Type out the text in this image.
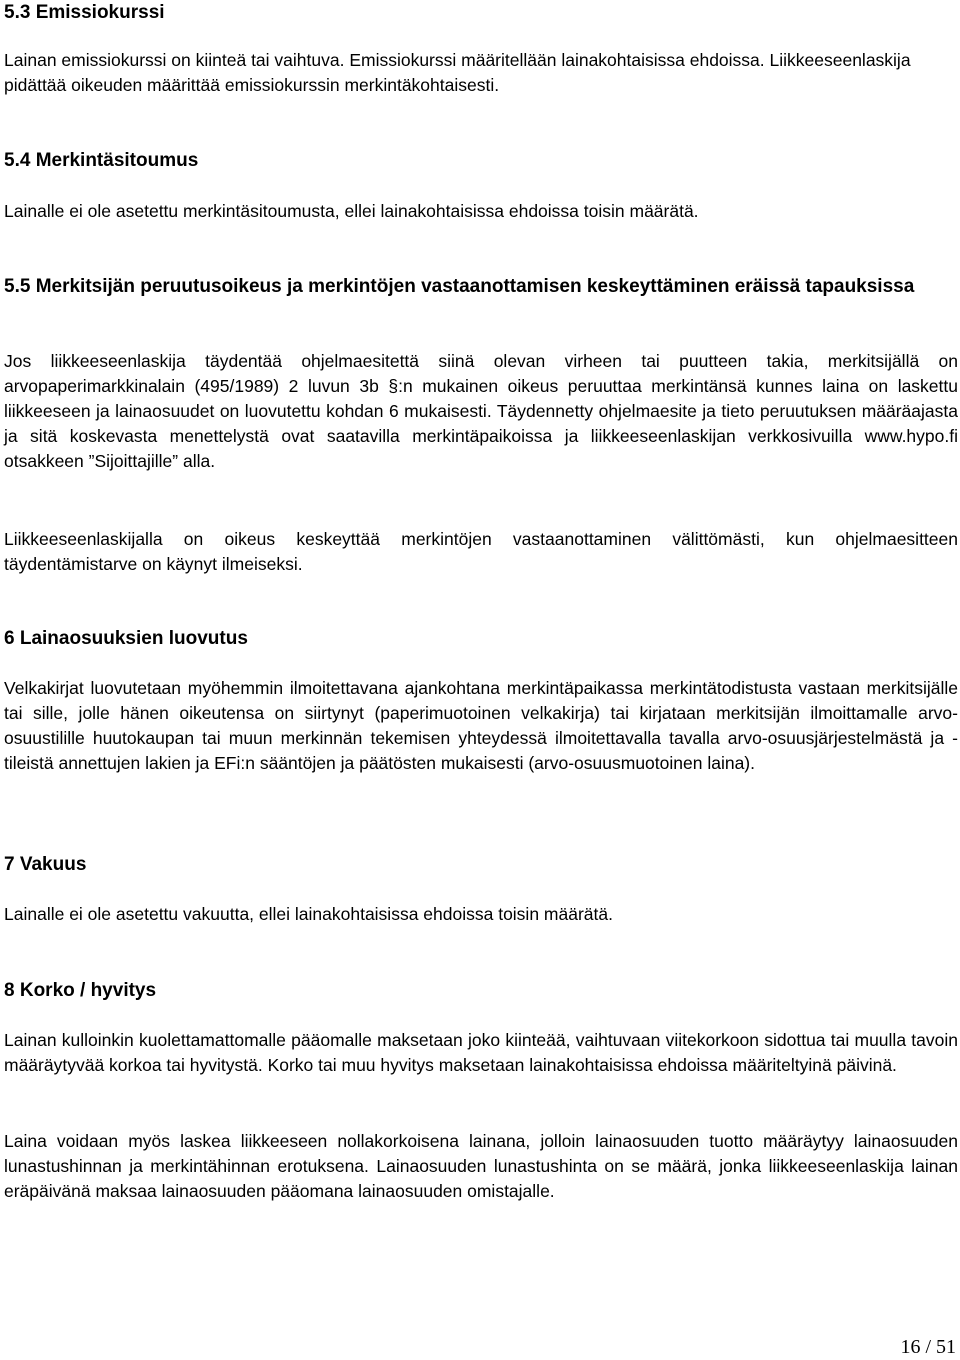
5.3 Emissiokurssi

Lainan emissiokurssi on kiinteä tai vaihtuva. Emissiokurssi määritellään lainakohtaisissa ehdoissa. Liikkeeseenlaskija pidättää oikeuden määrittää emissiokurssin merkintäkohtaisesti.

5.4 Merkintäsitoumus

Lainalle ei ole asetettu merkintäsitoumusta, ellei lainakohtaisissa ehdoissa toisin määrätä.

5.5 Merkitsijän peruutusoikeus ja merkintöjen vastaanottamisen keskeyttäminen eräissä tapauksissa

Jos liikkeeseenlaskija täydentää ohjelmaesitettä siinä olevan virheen tai puutteen takia, merkitsijällä on arvopaperimarkkinalain (495/1989) 2 luvun 3b §:n mukainen oikeus peruuttaa merkintänsä kunnes laina on laskettu liikkeeseen ja lainaosuudet on luovutettu kohdan 6 mukaisesti. Täydennetty ohjelmaesite ja tieto peruutuksen määräajasta ja sitä koskevasta menettelystä ovat saatavilla merkintäpaikoissa ja liikkeeseenlaskijan verkkosivuilla www.hypo.fi otsakkeen ”Sijoittajille” alla.

Liikkeeseenlaskijalla on oikeus keskeyttää merkintöjen vastaanottaminen välittömästi, kun ohjelmaesitteen täydentämistarve on käynyt ilmeiseksi.

6 Lainaosuuksien luovutus

Velkakirjat luovutetaan myöhemmin ilmoitettavana ajankohtana merkintäpaikassa merkintätodistusta vastaan merkitsijälle tai sille, jolle hänen oikeutensa on siirtynyt (paperimuotoinen velkakirja) tai kirjataan merkitsijän ilmoittamalle arvo-osuustilille huutokaupan tai muun merkinnän tekemisen yhteydessä ilmoitettavalla tavalla arvo-osuusjärjestelmästä ja -tileistä annettujen lakien ja EFi:n sääntöjen ja päätösten mukaisesti (arvo-osuusmuotoinen laina).

7 Vakuus

Lainalle ei ole asetettu vakuutta, ellei lainakohtaisissa ehdoissa toisin määrätä.

8 Korko / hyvitys

Lainan kulloinkin kuolettamattomalle pääomalle maksetaan joko kiinteää, vaihtuvaan viitekorkoon sidottua tai muulla tavoin määräytyvää korkoa tai hyvitystä. Korko tai muu hyvitys maksetaan lainakohtaisissa ehdoissa määriteltyinä päivinä.

Laina voidaan myös laskea liikkeeseen nollakorkoisena lainana, jolloin lainaosuuden tuotto määräytyy lainaosuuden lunastushinnan ja merkintähinnan erotuksena. Lainaosuuden lunastushinta on se määrä, jonka liikkeeseenlaskija lainan eräpäivänä maksaa lainaosuuden pääomana lainaosuuden omistajalle.

16 / 51
